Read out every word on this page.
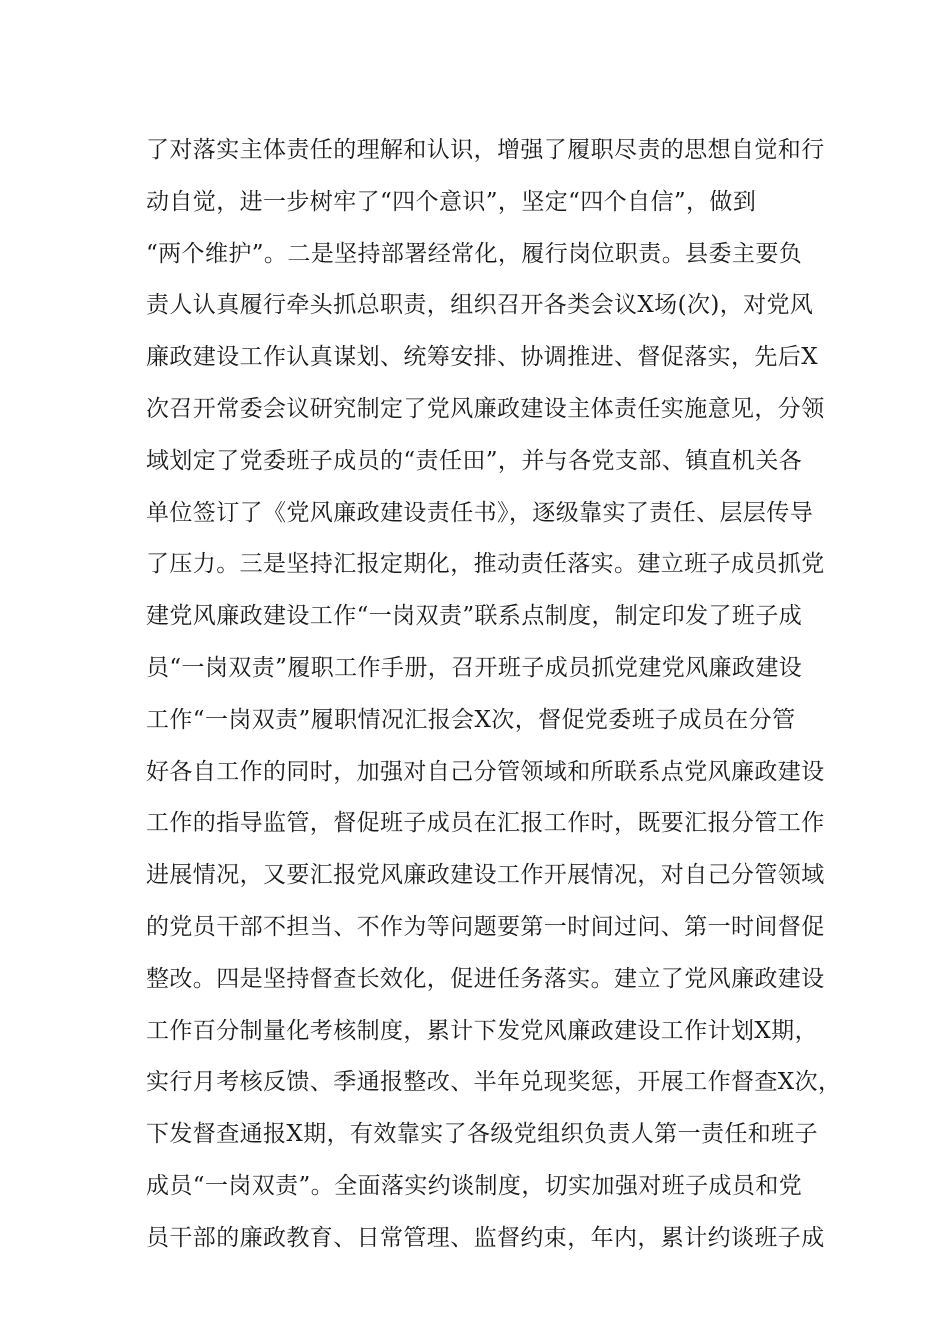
了对落实主体责任的理解和认识，增强了履职尽责的思想自觉和行
动自觉，进一步树牢了“四个意识”，坚定“四个自信”，做到
“两个维护”。二是坚持部署经常化，履行岗位职责。县委主要负
责人认真履行牵头抓总职责，组织召开各类会议X场(次)，对党风
廉政建设工作认真谋划、统筹安排、协调推进、督促落实，先后X
次召开常委会议研究制定了党风廉政建设主体责任实施意见，分领
域划定了党委班子成员的“责任田”，并与各党支部、镇直机关各
单位签订了《党风廉政建设责任书》，逐级靠实了责任、层层传导
了压力。三是坚持汇报定期化，推动责任落实。建立班子成员抓党
建党风廉政建设工作“一岗双责”联系点制度，制定印发了班子成
员“一岗双责”履职工作手册，召开班子成员抓党建党风廉政建设
工作“一岗双责”履职情况汇报会X次，督促党委班子成员在分管
好各自工作的同时，加强对自己分管领域和所联系点党风廉政建设
工作的指导监管，督促班子成员在汇报工作时，既要汇报分管工作
进展情况，又要汇报党风廉政建设工作开展情况，对自己分管领域
的党员干部不担当、不作为等问题要第一时间过问、第一时间督促
整改。四是坚持督查长效化，促进任务落实。建立了党风廉政建设
工作百分制量化考核制度，累计下发党风廉政建设工作计划X期，
实行月考核反馈、季通报整改、半年兑现奖惩，开展工作督查X次，
下发督查通报X期，有效靠实了各级党组织负责人第一责任和班子
成员“一岗双责”。全面落实约谈制度，切实加强对班子成员和党
员干部的廉政教育、日常管理、监督约束，年内，累计约谈班子成
